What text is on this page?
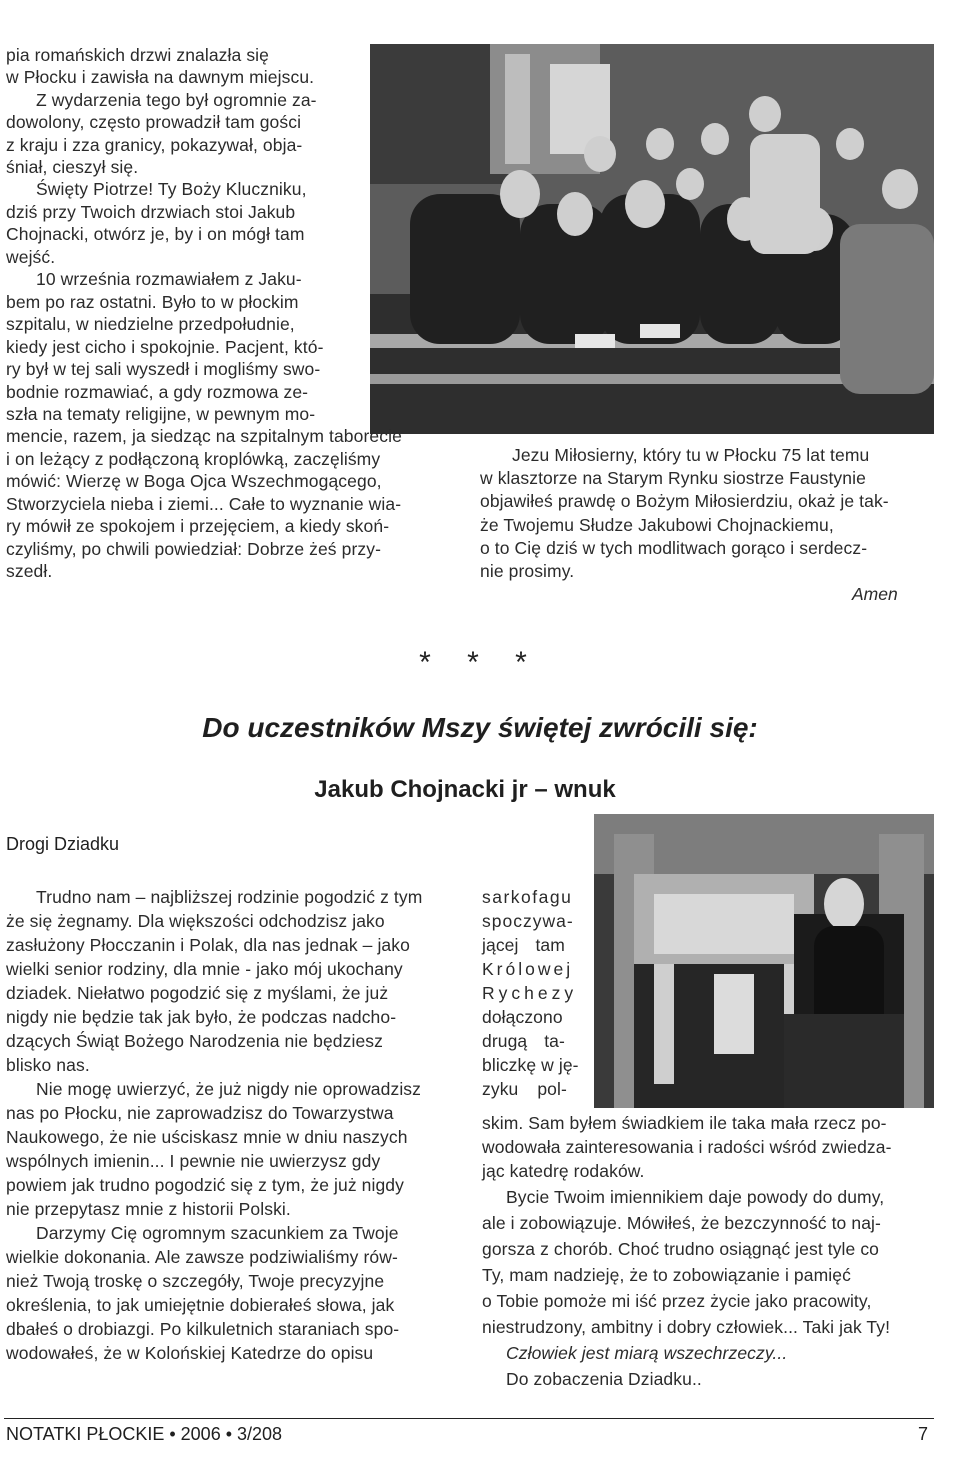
pia romańskich drzwi znalazła się
w Płocku i zawisła na dawnym miejscu.
Z wydarzenia tego był ogromnie za-
dowolony, często prowadził tam gości
z kraju i zza granicy, pokazywał, obja-
śniał, cieszył się.
Święty Piotrze! Ty Boży Kluczniku,
dziś przy Twoich drzwiach stoi Jakub
Chojnacki, otwórz je, by i on mógł tam
wejść.
10 września rozmawiałem z Jaku-
bem po raz ostatni. Było to w płockim
szpitalu, w niedzielne przedpołudnie,
kiedy jest cicho i spokojnie. Pacjent, któ-
ry był w tej sali wyszedł i mogliśmy swo-
bodnie rozmawiać, a gdy rozmowa ze-
szła na tematy religijne, w pewnym mo-
mencie, razem, ja siedząc na szpitalnym taborecie
i on leżący z podłączoną kroplówką, zaczęliśmy
mówić: Wierzę w Boga Ojca Wszechmogącego,
Stworzyciela nieba i ziemi... Całe to wyznanie wia-
ry mówił ze spokojem i przejęciem, a kiedy skoń-
czyliśmy, po chwili powiedział: Dobrze żeś przy-
szedł.
Jezu Miłosierny, który tu w Płocku 75 lat temu
w klasztorze na Starym Rynku siostrze Faustynie
objawiłeś prawdę o Bożym Miłosierdziu, okaż je tak-
że Twojemu Słudze Jakubowi Chojnackiemu,
o to Cię dziś w tych modlitwach gorąco i serdecz-
nie prosimy.
Amen
* * *
Do uczestników Mszy świętej zwrócili się:
Jakub Chojnacki jr – wnuk
Drogi Dziadku
Trudno nam – najbliższej rodzinie pogodzić z tym
że się żegnamy. Dla większości odchodzisz jako
zasłużony Płocczanin i Polak, dla nas jednak – jako
wielki senior rodziny, dla mnie - jako mój ukochany
dziadek. Niełatwo pogodzić się z myślami, że już
nigdy nie będzie tak jak było, że podczas nadcho-
dzących Świąt Bożego Narodzenia nie będziesz
blisko nas.
Nie mogę uwierzyć, że już nigdy nie oprowadzisz
nas po Płocku, nie zaprowadzisz do Towarzystwa
Naukowego, że nie uściskasz mnie w dniu naszych
wspólnych imienin... I pewnie nie uwierzysz gdy
powiem jak trudno pogodzić się z tym, że już nigdy
nie przepytasz mnie z historii Polski.
Darzymy Cię ogromnym szacunkiem za Twoje
wielkie dokonania. Ale zawsze podziwialiśmy rów-
nież Twoją troskę o szczegóły, Twoje precyzyjne
określenia, to jak umiejętnie dobierałeś słowa, jak
dbałeś o drobiazgi. Po kilkuletnich staraniach spo-
wodowałeś, że w Kolońskiej Katedrze do opisu
sarkofagu
spoczywa-
jącej tam
Królowej
Rychezy
dołączono
drugą ta-
bliczkę w ję-
zyku pol-
skim. Sam byłem świadkiem ile taka mała rzecz po-
wodowała zainteresowania i radości wśród zwiedza-
jąc katedrę rodaków.
Bycie Twoim imiennikiem daje powody do dumy,
ale i zobowiązuje. Mówiłeś, że bezczynność to naj-
gorsza z chorób. Choć trudno osiągnąć jest tyle co
Ty, mam nadzieję, że to zobowiązanie i pamięć
o Tobie pomoże mi iść przez życie jako pracowity,
niestrudzony, ambitny i dobry człowiek... Taki jak Ty!
Człowiek jest miarą wszechrzeczy...
Do zobaczenia Dziadku..
NOTATKI PŁOCKIE • 2006 • 3/208	7
